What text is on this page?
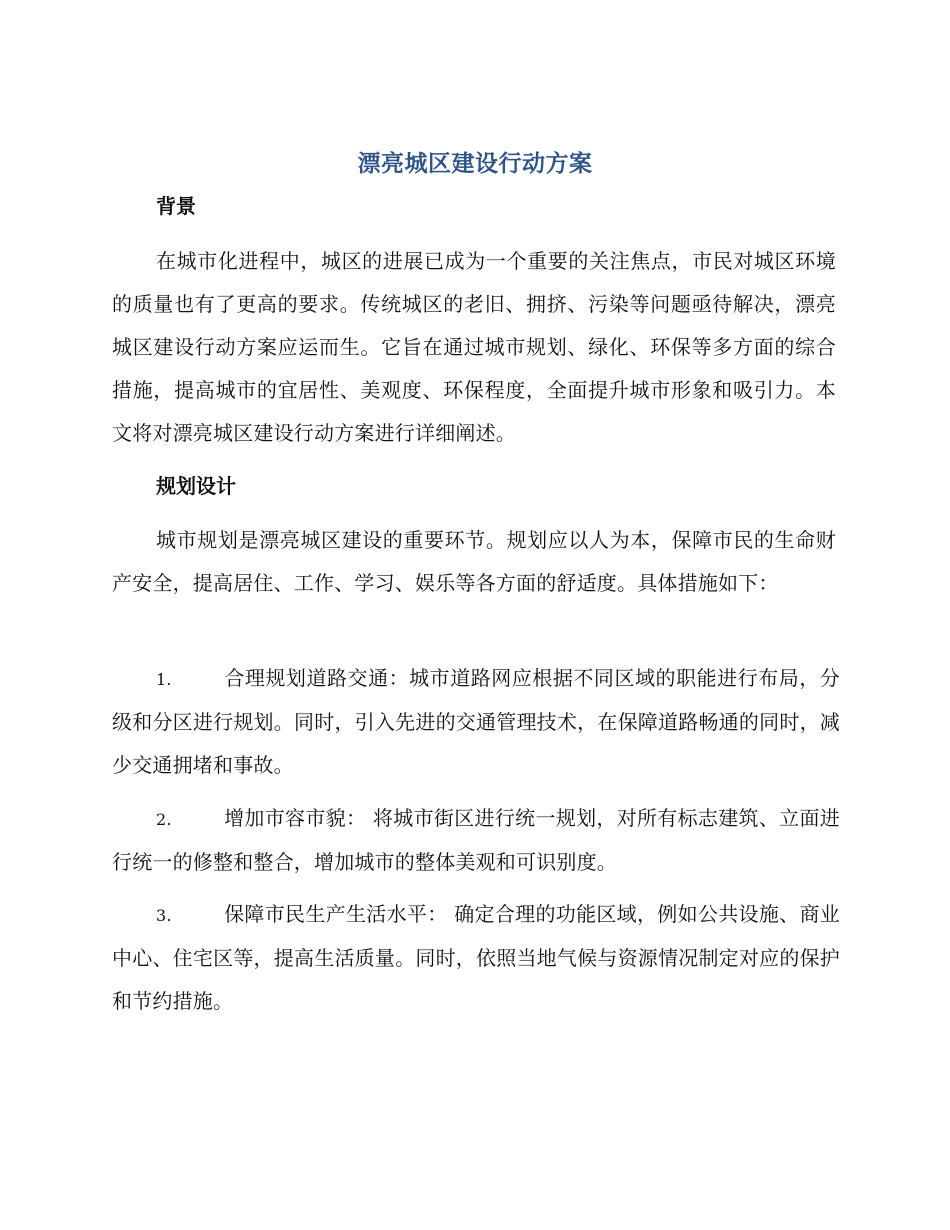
漂亮城区建设行动方案
背景
在城市化进程中，城区的进展已成为一个重要的关注焦点，市民对城区环境的质量也有了更高的要求。传统城区的老旧、拥挤、污染等问题亟待解决，漂亮城区建设行动方案应运而生。它旨在通过城市规划、绿化、环保等多方面的综合措施，提高城市的宜居性、美观度、环保程度，全面提升城市形象和吸引力。本文将对漂亮城区建设行动方案进行详细阐述。
规划设计
城市规划是漂亮城区建设的重要环节。规划应以人为本，保障市民的生命财产安全，提高居住、工作、学习、娱乐等各方面的舒适度。具体措施如下：
1.	合理规划道路交通：城市道路网应根据不同区域的职能进行布局，分级和分区进行规划。同时，引入先进的交通管理技术，在保障道路畅通的同时，减少交通拥堵和事故。
2.	增加市容市貌： 将城市街区进行统一规划，对所有标志建筑、立面进行统一的修整和整合，增加城市的整体美观和可识别度。
3.	保障市民生产生活水平： 确定合理的功能区域，例如公共设施、商业中心、住宅区等，提高生活质量。同时，依照当地气候与资源情况制定对应的保护和节约措施。
